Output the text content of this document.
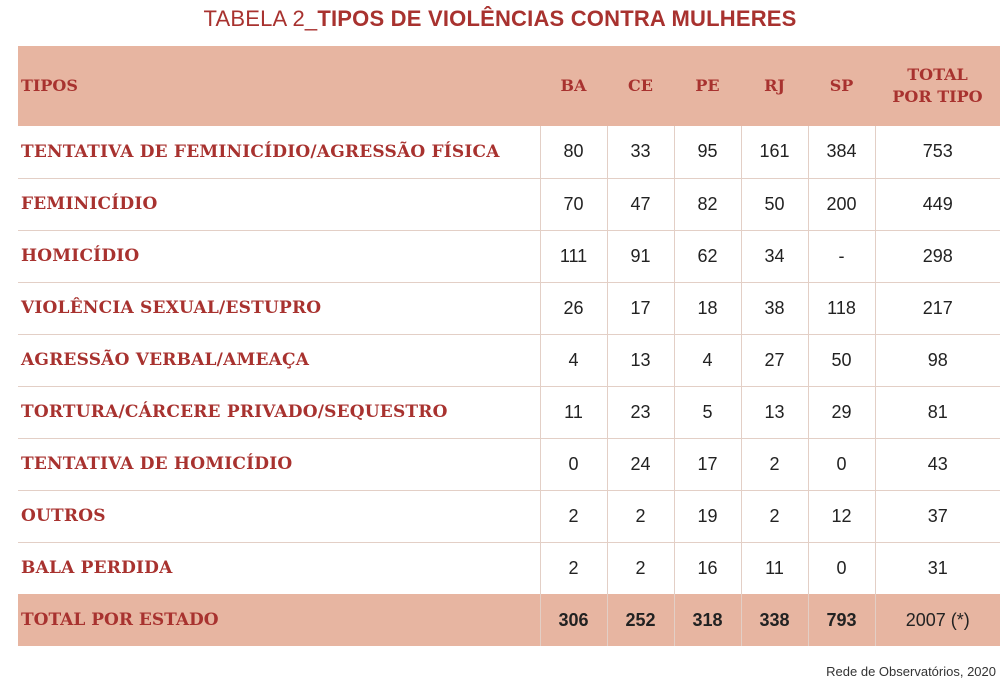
TABELA 2_TIPOS DE VIOLÊNCIAS CONTRA MULHERES
TIPOS	BA	CE	PE	RJ	SP	TOTAL
POR TIPO
TENTATIVA DE FEMINICÍDIO/AGRESSÃO FÍSICA	80	33	95	161	384	753
FEMINICÍDIO	70	47	82	50	200	449
HOMICÍDIO	111	91	62	34	-	298
VIOLÊNCIA SEXUAL/ESTUPRO	26	17	18	38	118	217
AGRESSÃO VERBAL/AMEAÇA	4	13	4	27	50	98
TORTURA/CÁRCERE PRIVADO/SEQUESTRO	11	23	5	13	29	81
TENTATIVA DE HOMICÍDIO	0	24	17	2	0	43
OUTROS	2	2	19	2	12	37
BALA PERDIDA	2	2	16	11	0	31
TOTAL POR ESTADO	306	252	318	338	793	2007 (*)
Rede de Observatórios, 2020
